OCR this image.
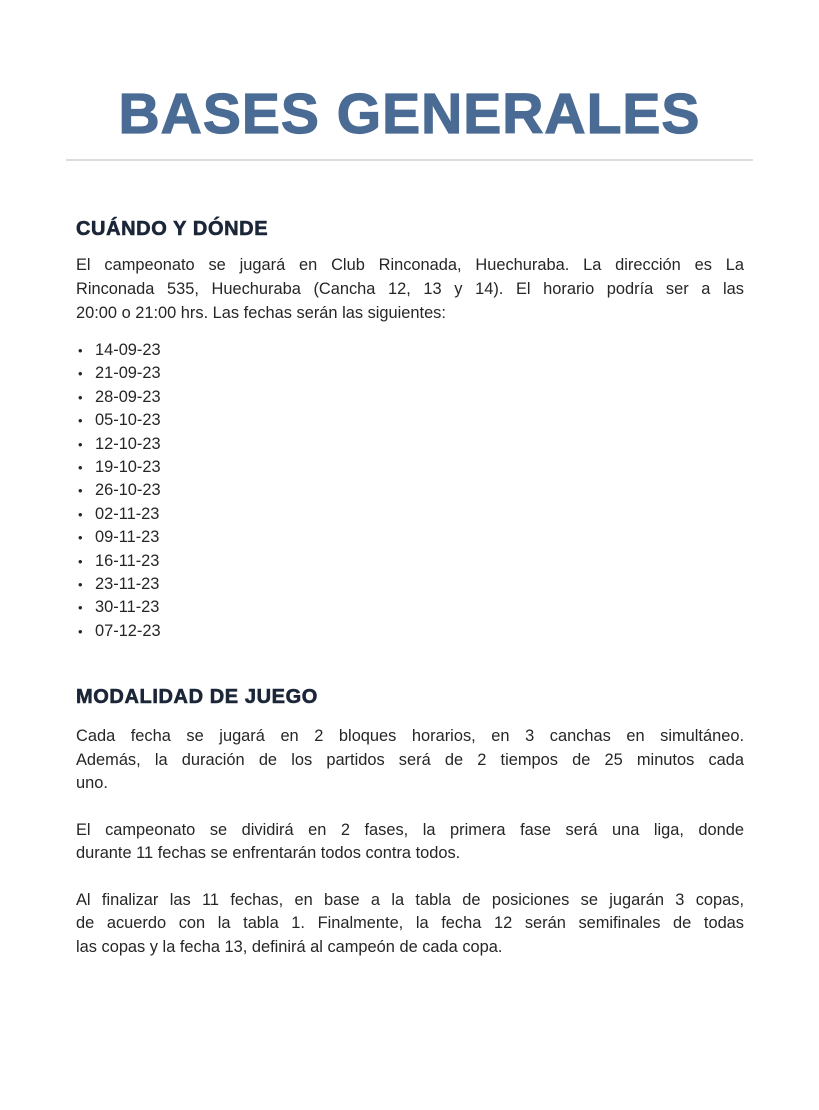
BASES GENERALES
CUÁNDO Y DÓNDE
El campeonato se jugará en Club Rinconada, Huechuraba. La dirección es La
Rinconada 535, Huechuraba (Cancha 12, 13 y 14). El horario podría ser a las
20:00 o 21:00 hrs. Las fechas serán las siguientes:
• 14-09-23
• 21-09-23
• 28-09-23
• 05-10-23
• 12-10-23
• 19-10-23
• 26-10-23
• 02-11-23
• 09-11-23
• 16-11-23
• 23-11-23
• 30-11-23
• 07-12-23
MODALIDAD DE JUEGO
Cada fecha se jugará en 2 bloques horarios, en 3 canchas en simultáneo.
Además, la duración de los partidos será de 2 tiempos de 25 minutos cada
uno.
El campeonato se dividirá en 2 fases, la primera fase será una liga, donde
durante 11 fechas se enfrentarán todos contra todos.
Al finalizar las 11 fechas, en base a la tabla de posiciones se jugarán 3 copas,
de acuerdo con la tabla 1. Finalmente, la fecha 12 serán semifinales de todas
las copas y la fecha 13, definirá al campeón de cada copa.
